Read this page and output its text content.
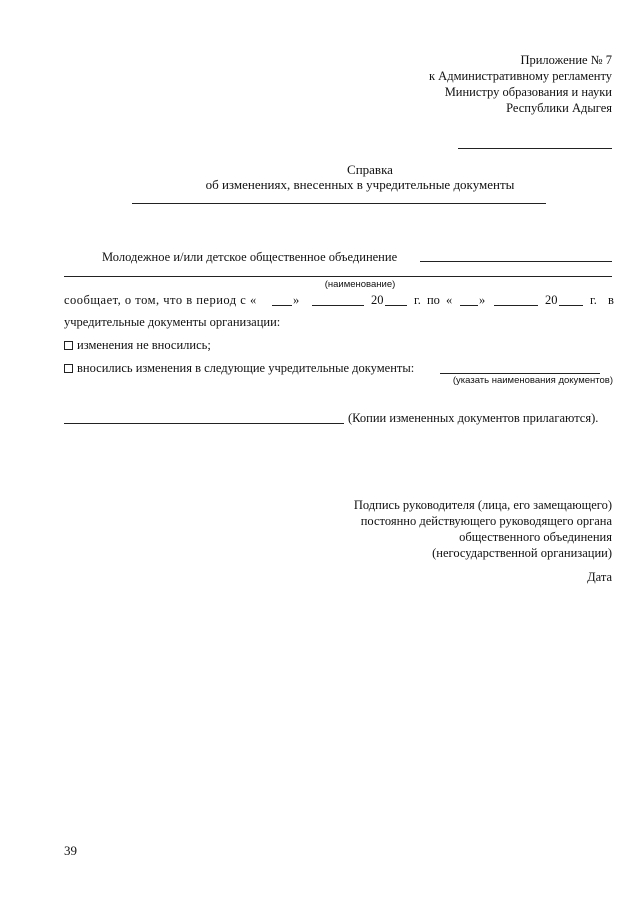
Приложение № 7
к Административному регламенту
Министру образования и науки
Республики Адыгея
Справка
об изменениях, внесенных в учредительные документы
Молодежное и/или детское общественное объединение
(наименование)
сообщает, о том, что в период с «	»	20 г. по « »	20	г. в
учредительные документы организации:
изменения не вносились;
вносились изменения в следующие учредительные документы:
(указать наименования документов)
(Копии измененных документов прилагаются).
Подпись руководителя (лица, его замещающего)
постоянно действующего руководящего органа
общественного объединения
(негосударственной организации)
Дата
39
